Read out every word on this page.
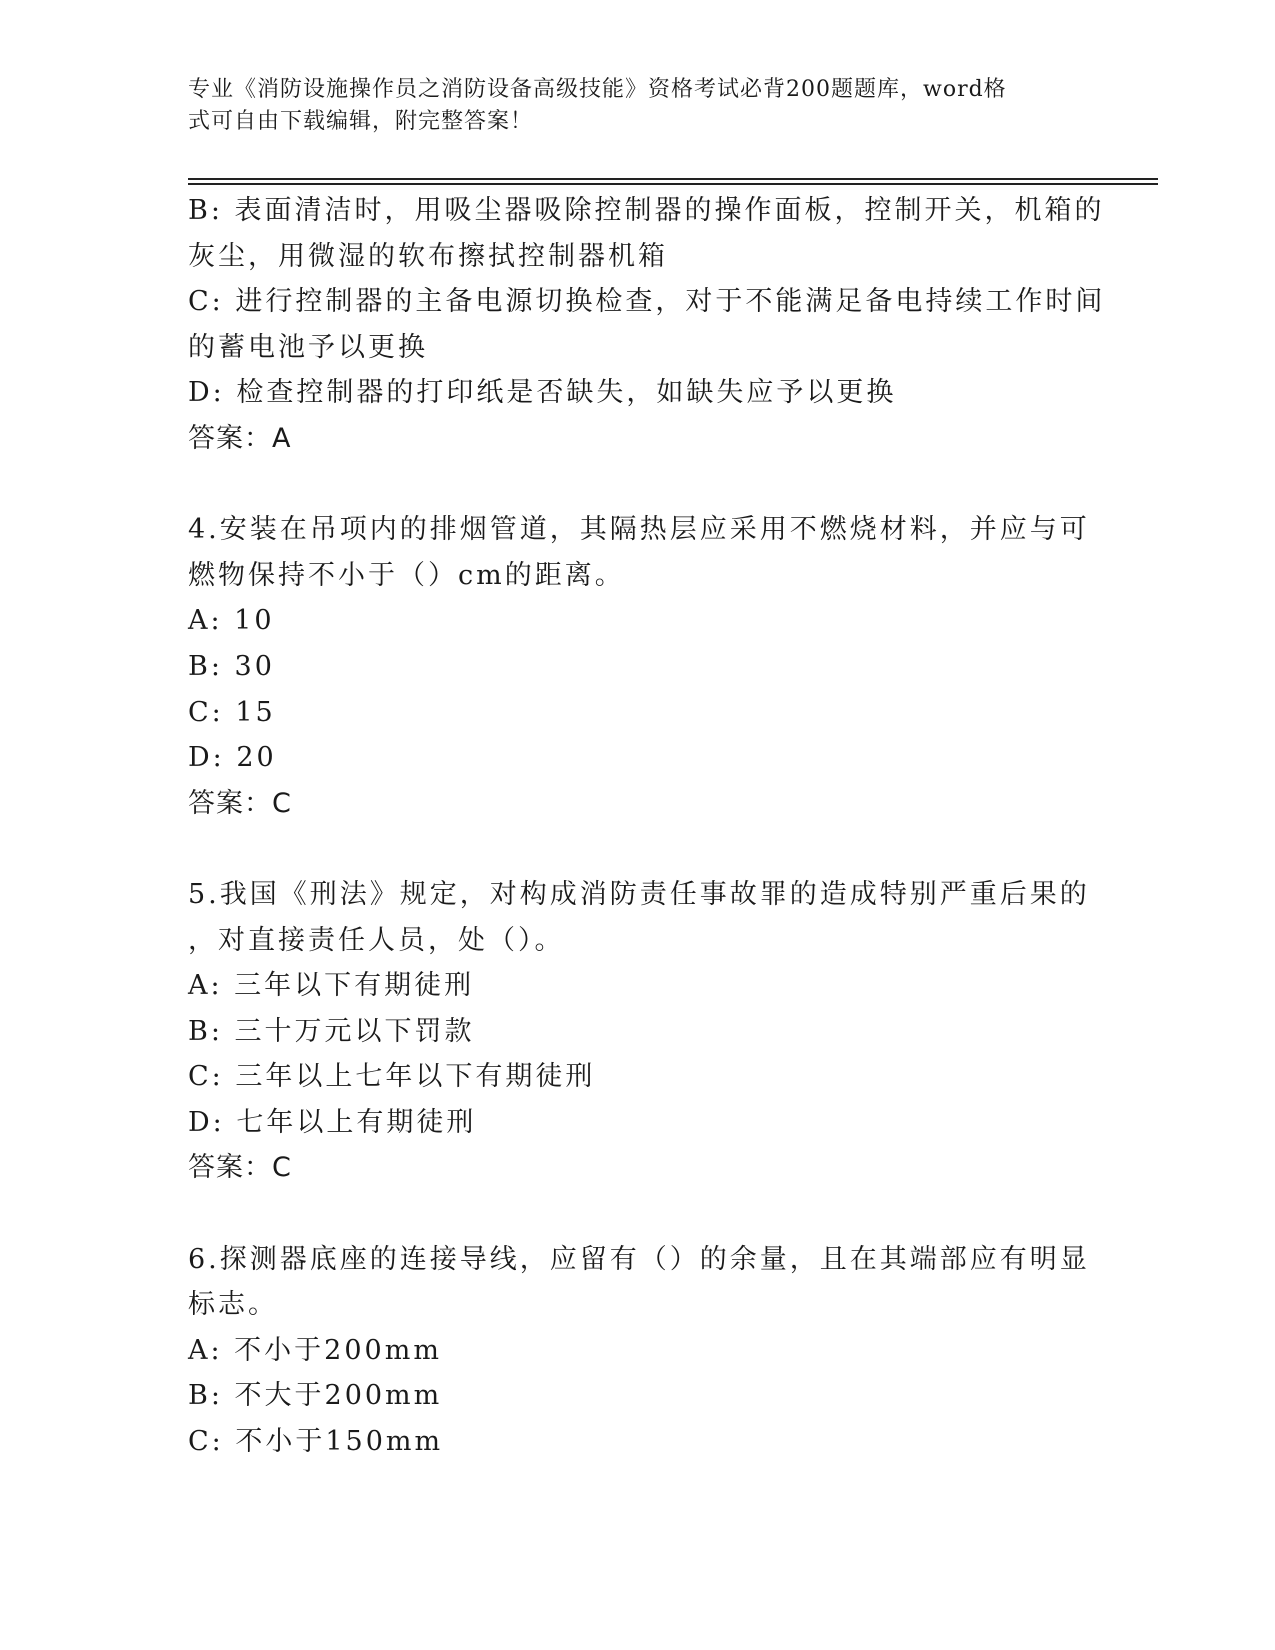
专业《消防设施操作员之消防设备高级技能》资格考试必背200题题库，word格
式可自由下载编辑，附完整答案！
B: 表面清洁时，用吸尘器吸除控制器的操作面板，控制开关，机箱的
灰尘，用微湿的软布擦拭控制器机箱
C: 进行控制器的主备电源切换检查，对于不能满足备电持续工作时间
的蓄电池予以更换
D: 检查控制器的打印纸是否缺失，如缺失应予以更换
答案：A
4.安装在吊项内的排烟管道，其隔热层应采用不燃烧材料，并应与可
燃物保持不小于（）cm的距离。
A: 10
B: 30
C: 15
D: 20
答案：C
5.我国《刑法》规定，对构成消防责任事故罪的造成特别严重后果的
，对直接责任人员，处（）。
A: 三年以下有期徒刑
B: 三十万元以下罚款
C: 三年以上七年以下有期徒刑
D: 七年以上有期徒刑
答案：C
6.探测器底座的连接导线，应留有（）的余量，且在其端部应有明显
标志。
A: 不小于200mm
B: 不大于200mm
C: 不小于150mm
